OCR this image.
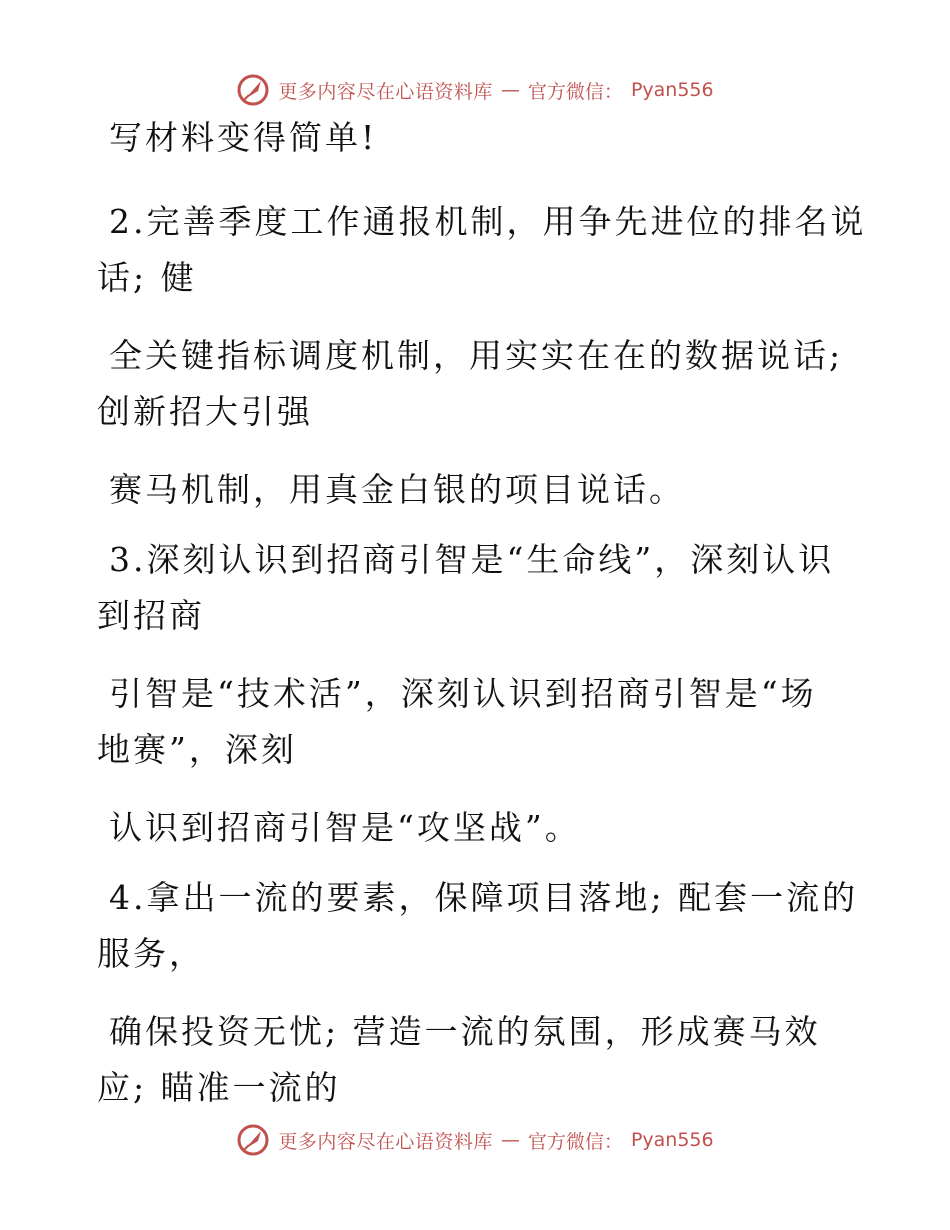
更多内容尽在心语资料库 — 官方微信： Pyan556
写材料变得简单!
2.完善季度工作通报机制，用争先进位的排名说
话; 健
全关键指标调度机制，用实实在在的数据说话;
创新招大引强
赛马机制，用真金白银的项目说话。
3.深刻认识到招商引智是“生命线”，深刻认识
到招商
引智是“技术活”，深刻认识到招商引智是“场
地赛”，深刻
认识到招商引智是“攻坚战”。
4.拿出一流的要素，保障项目落地; 配套一流的
服务，
确保投资无忧; 营造一流的氛围，形成赛马效
应; 瞄准一流的
更多内容尽在心语资料库 — 官方微信： Pyan556
